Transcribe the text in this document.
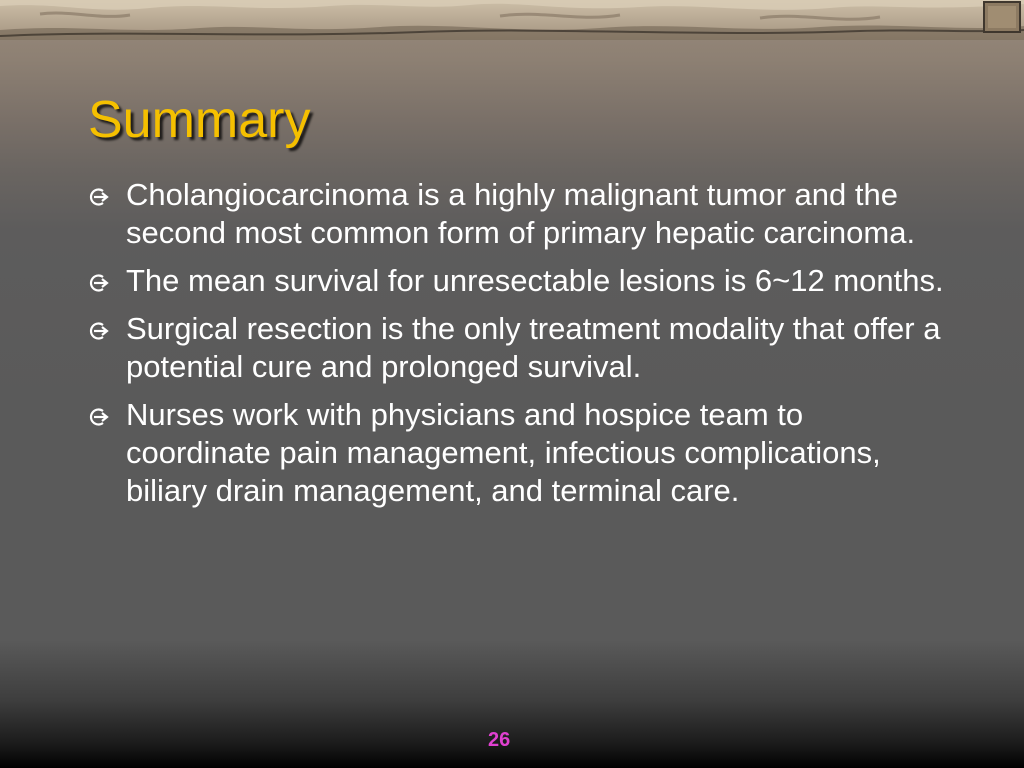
Summary
Cholangiocarcinoma is a highly malignant tumor and the second most common form of primary hepatic carcinoma.
The mean survival for unresectable lesions is 6~12 months.
Surgical resection is the only treatment modality that offer a potential cure and prolonged survival.
Nurses work with physicians and hospice team to coordinate pain management, infectious complications, biliary drain management, and terminal care.
26
